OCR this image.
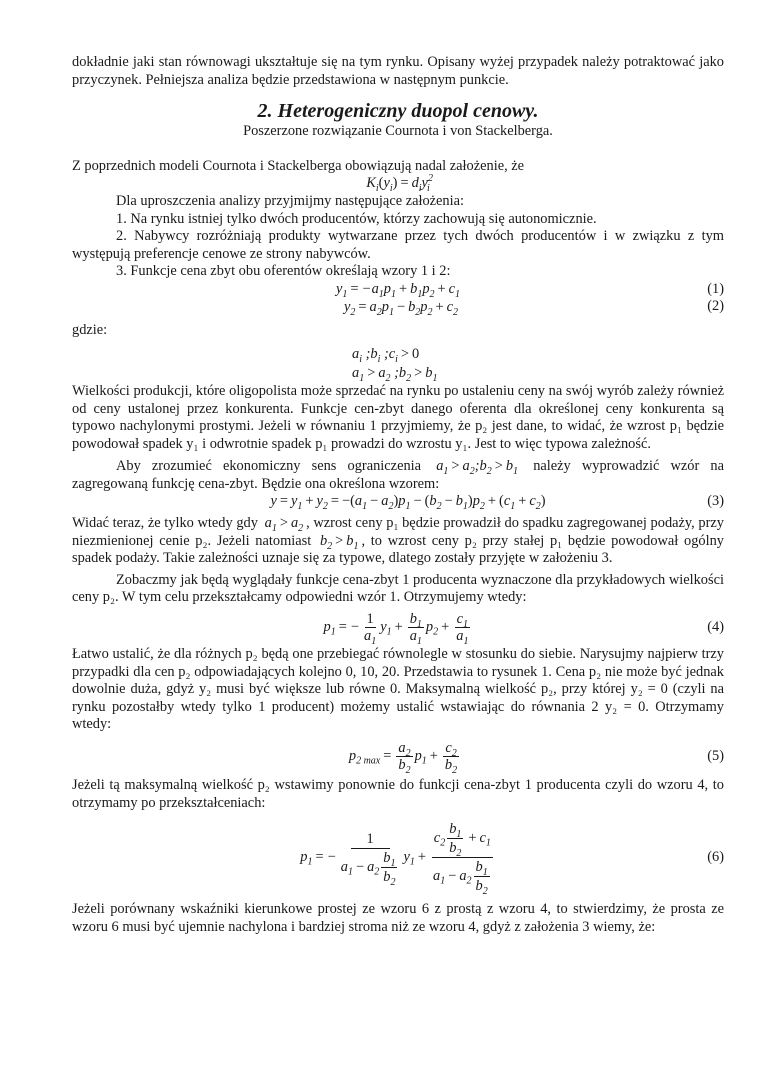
dokładnie jaki stan równowagi ukształtuje się na tym rynku. Opisany wyżej przypadek należy potraktować jako przyczynek. Pełniejsza analiza będzie przedstawiona w następnym punkcie.

2. Heterogeniczny duopol cenowy.

Poszerzone rozwiązanie Cournota i von Stackelberga.

Z poprzednich modeli Cournota i Stackelberga obowiązują nadal założenie, że

$K_i(y_i) = d_iy^2_i$

Dla uproszczenia analizy przyjmijmy następujące założenia:

1. Na rynku istniej tylko dwóch producentów, którzy zachowują się autonomicznie.

2. Nabywcy rozróżniają produkty wytwarzane przez tych dwóch producentów i w związku z tym występują preferencje cenowe ze strony nabywców.

3. Funkcje cena zbyt obu oferentów określają wzory 1 i 2:

$y_1 = -a_1p_1 + b_1p_2 + c_1$	(1)
$y_2 = a_2p_1 - b_2p_2 + c_2$	(2)

gdzie:

$a_i$ $;b_i$ $;c_i > 0$
$a_1 > a_2$ $;b_2 > b_1$

Wielkości produkcji, które oligopolista może sprzedać na rynku po ustaleniu ceny na swój wyrób zależy również od ceny ustalonej przez konkurenta. Funkcje cen-zbyt danego oferenta dla określonej ceny konkurenta są typowo nachylonymi prostymi. Jeżeli w równaniu 1 przyjmiemy, że p₂ jest dane, to widać, że wzrost p₁ będzie powodował spadek y₁ i odwrotnie spadek p₁ prowadzi do wzrostu y₁. Jest to więc typowa zależność.

Aby zrozumieć ekonomiczny sens ograniczenia $a_1$ > $a_2;b_2 > b_1$ należy wyprowadzić wzór na zagregowaną funkcję cena-zbyt. Będzie ona określona wzorem:

$y = y_1 + y_2 = -(a_1 - a_2)p_1 - (b_2 - b_1)p_2 + (c_1 + c_2)$	(3)

Widać teraz, że tylko wtedy gdy $a_1 > a_2$ , wzrost ceny p₁ będzie prowadził do spadku zagregowanej podaży, przy niezmienionej cenie p₂. Jeżeli natomiast $b_2 > b_1$ , to wzrost ceny p₂ przy stałej p₁ będzie powodował ogólny spadek podaży. Takie zależności uznaje się za typowe, dlatego zostały przyjęte w założeniu 3.

Zobaczmy jak będą wyglądały funkcje cena-zbyt 1 producenta wyznaczone dla przykładowych wielkości ceny p₂. W tym celu przekształcamy odpowiedni wzór 1. Otrzymujemy wtedy:

$p_1$ = − $\frac{1}{a_1} y_1 + \frac{b_1}{a_1} p_2 + \frac{c_1}{a_1}$	(4)

Łatwo ustalić, że dla różnych p₂ będą one przebiegać równolegle w stosunku do siebie. Narysujmy najpierw trzy przypadki dla cen p₂ odpowiadających kolejno 0, 10, 20. Przedstawia to rysunek 1. Cena p₂ nie może być jednak dowolnie duża, gdyż y₂ musi być większe lub równe 0. Maksymalną wielkość p₂, przy której y₂ = 0 (czyli na rynku pozostałby wtedy tylko 1 producent) możemy ustalić wstawiając do równania 2 y₂ = 0. Otrzymamy wtedy:

$p_{2 max} = \frac{a_2}{b_2} p_1 + \frac{c_2}{b_2}$	(5)

Jeżeli tą maksymalną wielkość p₂ wstawimy ponownie do funkcji cena-zbyt 1 producenta czyli do wzoru 4, to otrzymamy po przekształceniach:

$p_1$ = − $\frac{1}{a_1 - a_2 \frac{b_1}{b_2}} y_1 + \frac{c_2 \frac{b_1}{b_2} + c_1}{a_1 - a_2 \frac{b_1}{b_2}}$	(6)

Jeżeli porównany wskaźniki kierunkowe prostej ze wzoru 6 z prostą z wzoru 4, to stwierdzimy, że prosta ze wzoru 6 musi być ujemnie nachylona i bardziej stroma niż ze wzoru 4, gdyż z założenia 3 wiemy, że:
